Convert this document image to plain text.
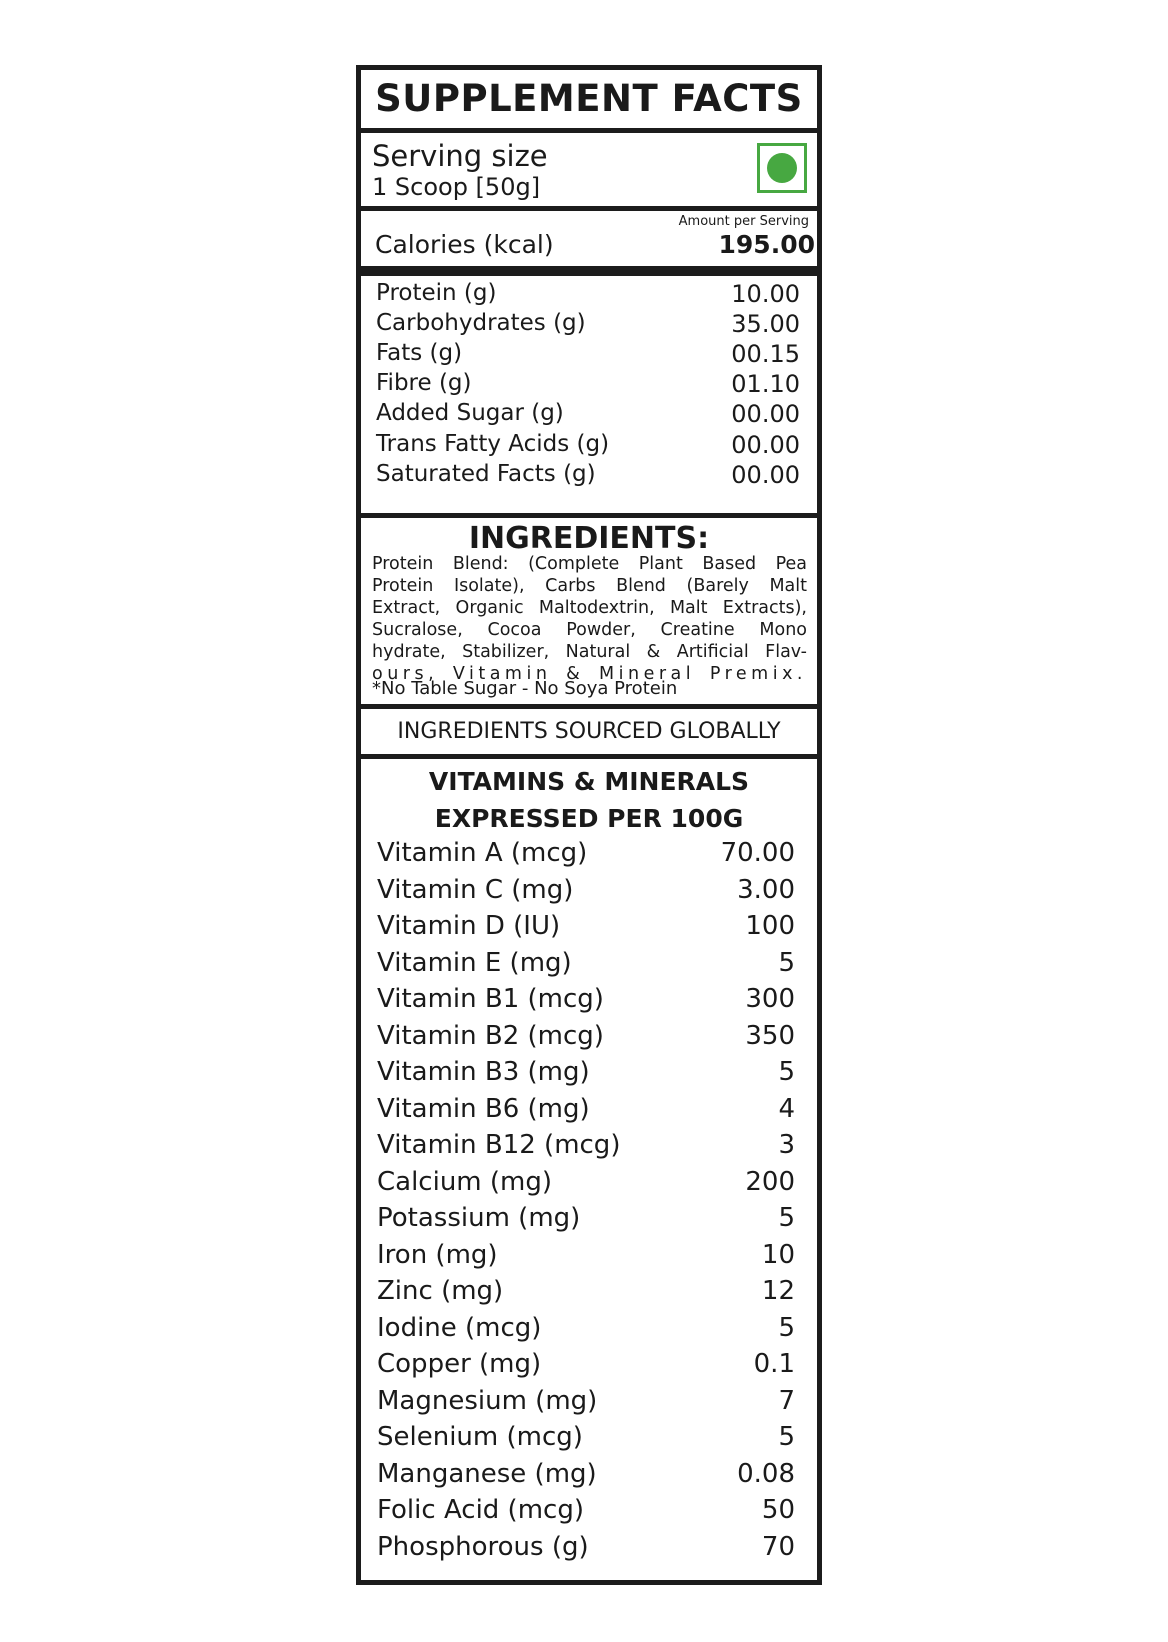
SUPPLEMENT FACTS
Serving size
1 Scoop [50g]
Amount per Serving
Calories (kcal)	195.00
Protein (g)	10.00
Carbohydrates (g)	35.00
Fats (g)	00.15
Fibre (g)	01.10
Added Sugar (g)	00.00
Trans Fatty Acids (g)	00.00
Saturated Facts (g)	00.00
INGREDIENTS:
Protein Blend: (Complete Plant Based Pea
Protein Isolate), Carbs Blend (Barely Malt
Extract, Organic Maltodextrin, Malt Extracts),
Sucralose, Cocoa Powder, Creatine Mono
hydrate, Stabilizer, Natural & Artificial Flav-
ours, Vitamin & Mineral Premix.
*No Table Sugar - No Soya Protein
INGREDIENTS SOURCED GLOBALLY
VITAMINS & MINERALS
EXPRESSED PER 100G
Vitamin A (mcg)	70.00
Vitamin C (mg)	3.00
Vitamin D (IU)	100
Vitamin E (mg)	5
Vitamin B1 (mcg)	300
Vitamin B2 (mcg)	350
Vitamin B3 (mg)	5
Vitamin B6 (mg)	4
Vitamin B12 (mcg)	3
Calcium (mg)	200
Potassium (mg)	5
Iron (mg)	10
Zinc (mg)	12
Iodine (mcg)	5
Copper (mg)	0.1
Magnesium (mg)	7
Selenium (mcg)	5
Manganese (mg)	0.08
Folic Acid (mcg)	50
Phosphorous (g)	70
